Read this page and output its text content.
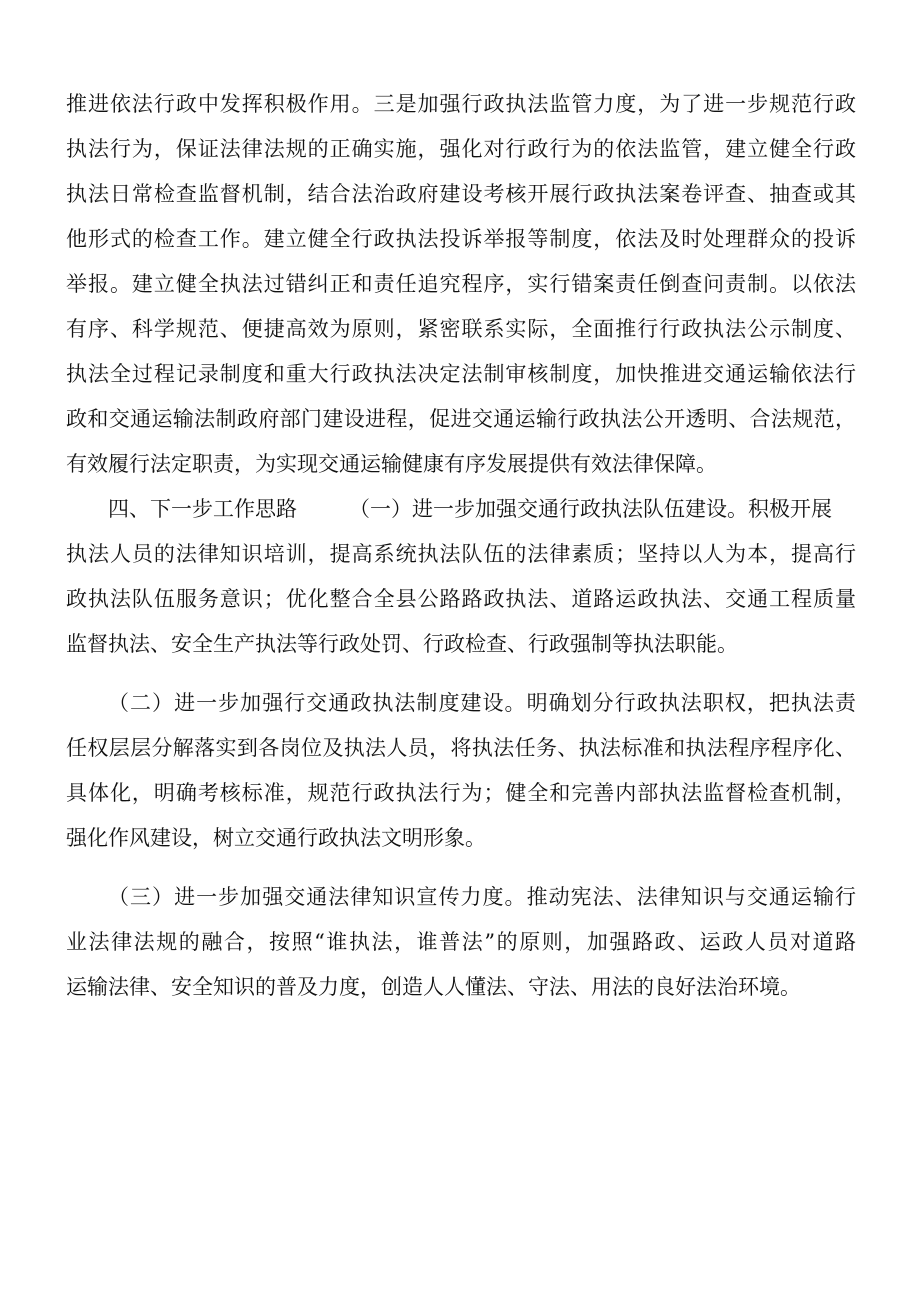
推进依法行政中发挥积极作用。三是加强行政执法监管力度，为了进一步规范行政
执法行为，保证法律法规的正确实施，强化对行政行为的依法监管，建立健全行政
执法日常检查监督机制，结合法治政府建设考核开展行政执法案卷评查、抽查或其
他形式的检查工作。建立健全行政执法投诉举报等制度，依法及时处理群众的投诉
举报。建立健全执法过错纠正和责任追究程序，实行错案责任倒查问责制。以依法
有序、科学规范、便捷高效为原则，紧密联系实际，全面推行行政执法公示制度、
执法全过程记录制度和重大行政执法决定法制审核制度，加快推进交通运输依法行
政和交通运输法制政府部门建设进程，促进交通运输行政执法公开透明、合法规范，
有效履行法定职责，为实现交通运输健康有序发展提供有效法律保障。
四、下一步工作思路 （一）进一步加强交通行政执法队伍建设。积极开展
执法人员的法律知识培训，提高系统执法队伍的法律素质；坚持以人为本，提高行
政执法队伍服务意识；优化整合全县公路路政执法、道路运政执法、交通工程质量
监督执法、安全生产执法等行政处罚、行政检查、行政强制等执法职能。
（二）进一步加强行交通政执法制度建设。明确划分行政执法职权，把执法责
任权层层分解落实到各岗位及执法人员，将执法任务、执法标准和执法程序程序化、
具体化，明确考核标准，规范行政执法行为；健全和完善内部执法监督检查机制，
强化作风建设，树立交通行政执法文明形象。
（三）进一步加强交通法律知识宣传力度。推动宪法、法律知识与交通运输行
业法律法规的融合，按照“谁执法，谁普法”的原则，加强路政、运政人员对道路
运输法律、安全知识的普及力度，创造人人懂法、守法、用法的良好法治环境。
